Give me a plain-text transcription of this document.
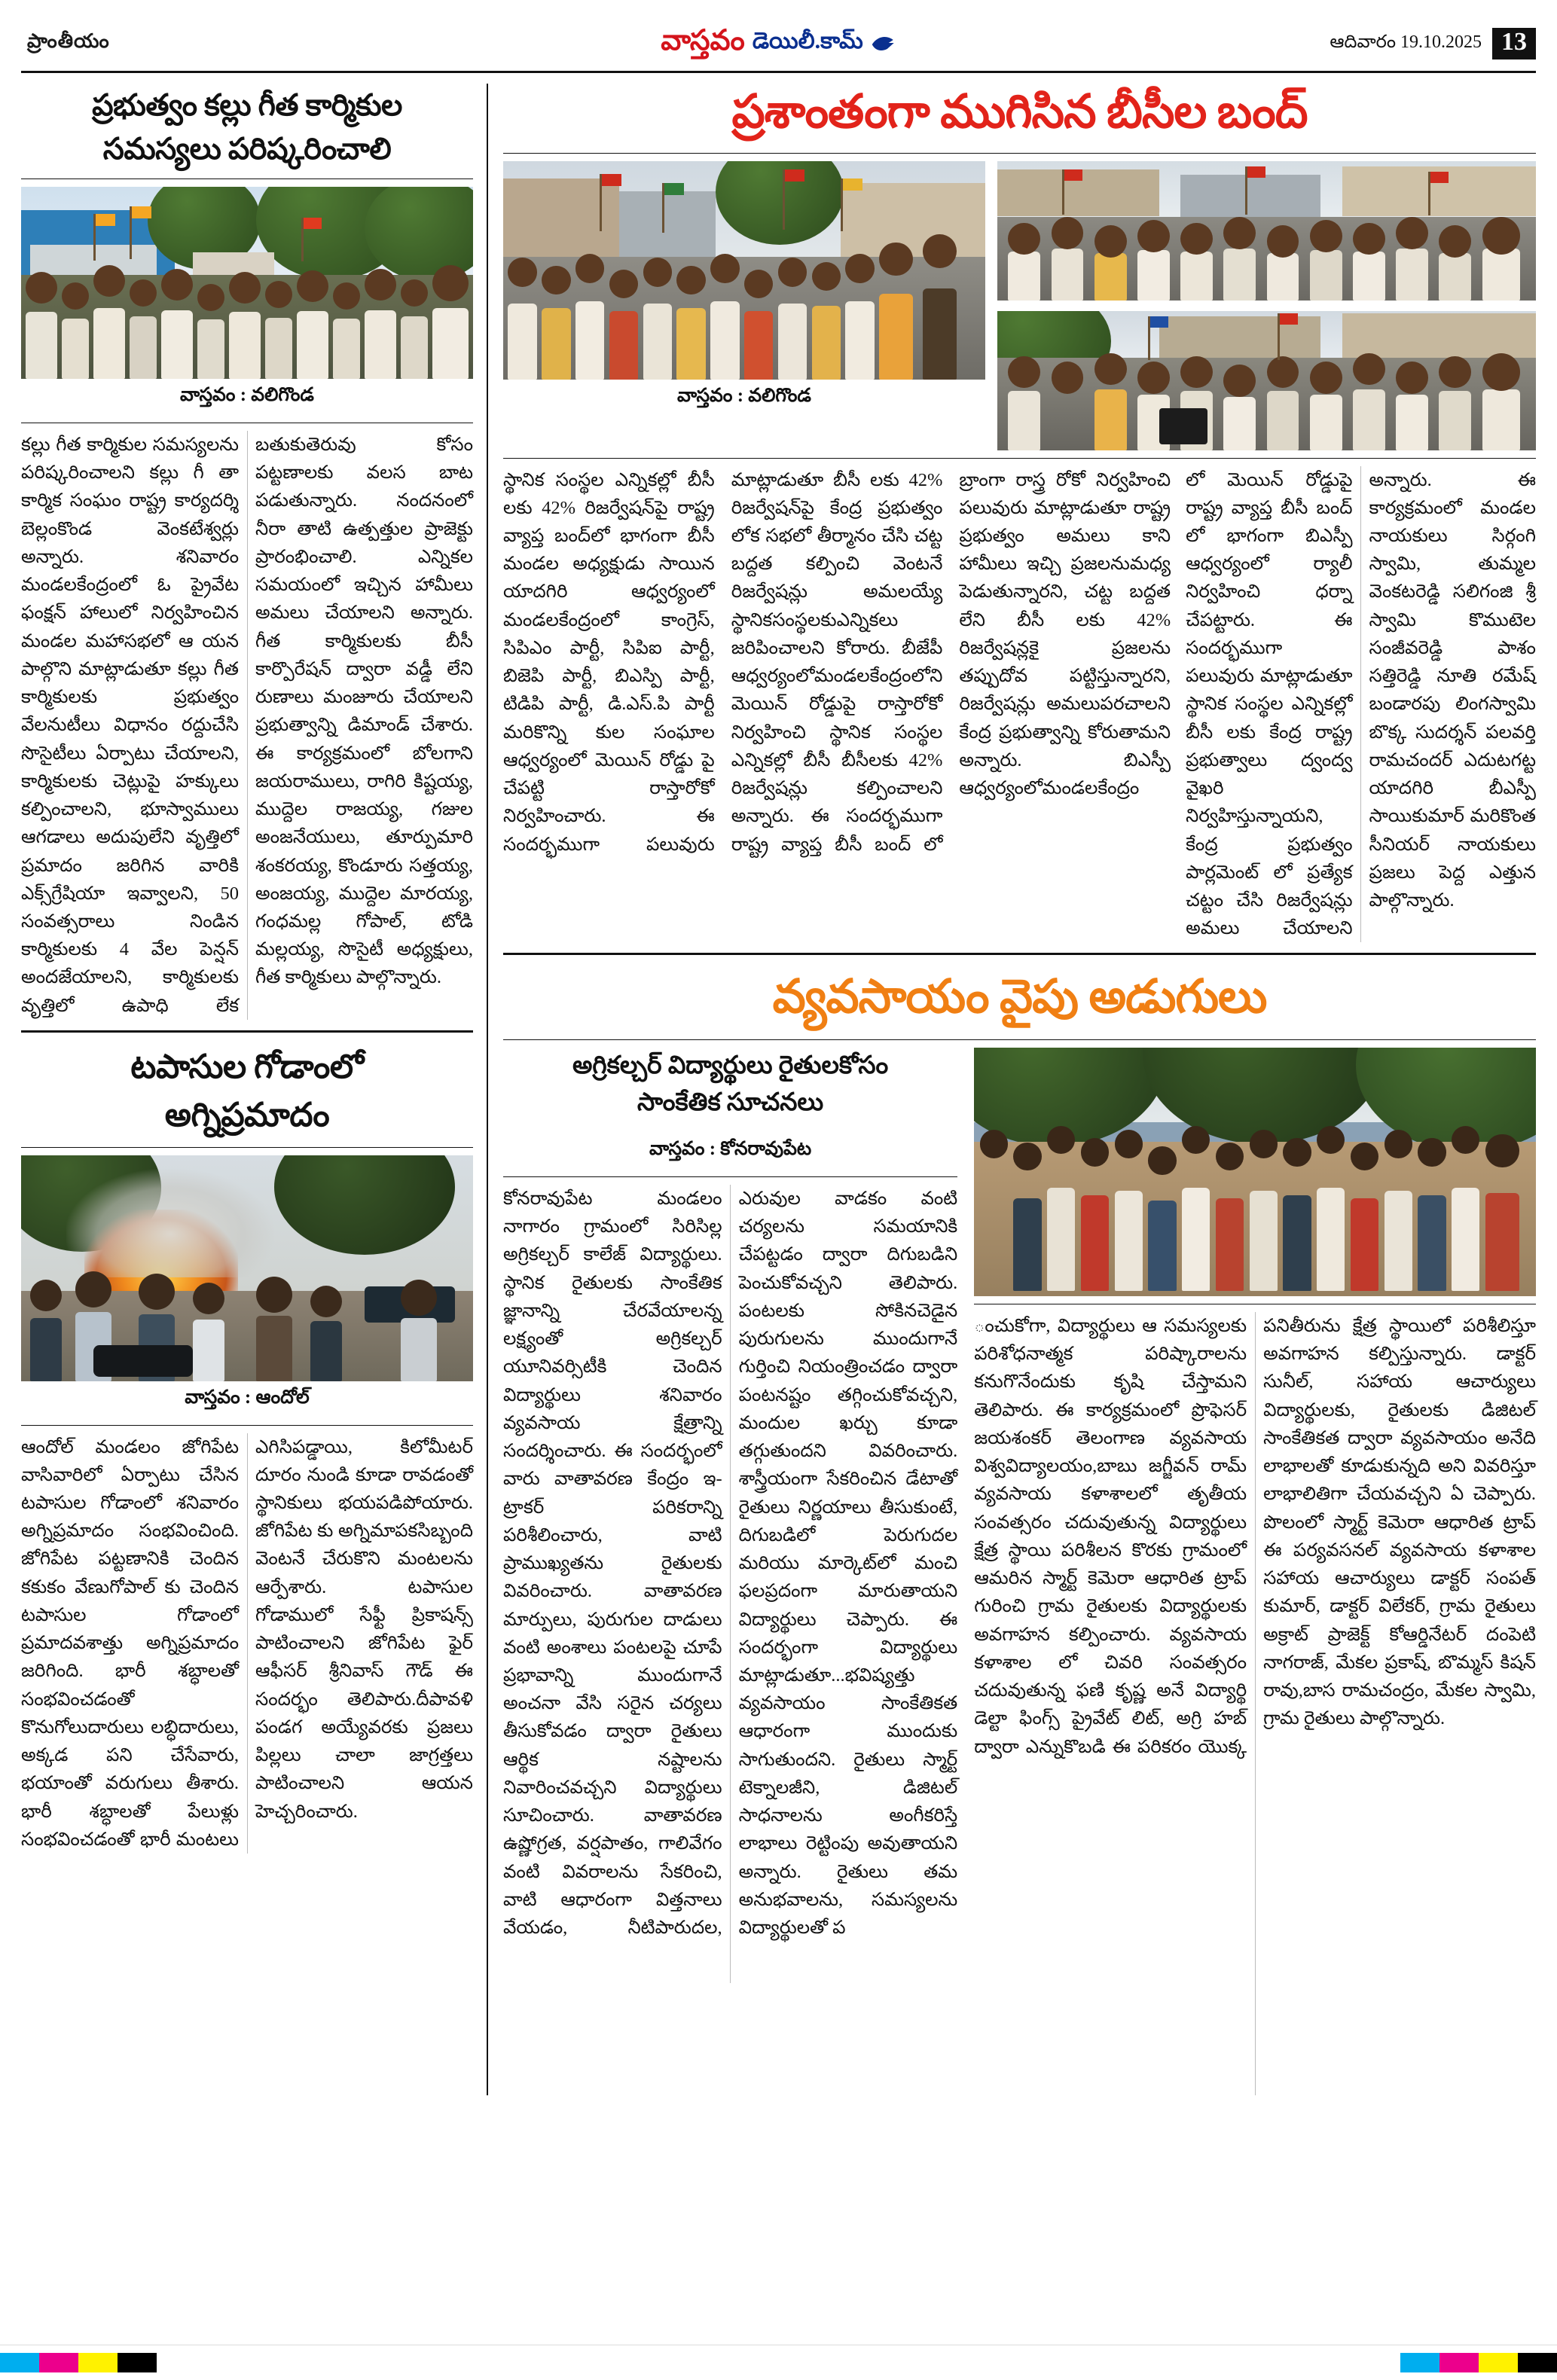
ప్రాంతీయం	వాస్తవం డెయిలీ.కామ్	ఆదివారం 19.10.2025 13
ప్రభుత్వం కల్లు గీత కార్మికుల
సమస్యలు పరిష్కరించాలి
వాస్తవం : వలిగొండ
కల్లు గీత కార్మికుల సమస్యలను పరిష్కరించాలని కల్లు గీ తా కార్మిక సంఘం రాష్ట్ర కార్యదర్శి బెల్లంకొండ వెంకటేశ్వర్లు అన్నారు. శనివారం మండలకేంద్రంలో ఓ ప్రైవేట ఫంక్షన్ హాలులో నిర్వహించిన మండల మహాసభలో ఆ యన పాల్గొని మాట్లాడుతూ కల్లు గీత కార్మికులకు ప్రభుత్వం వేలనుటీలు విధానం రద్దుచేసి సొసైటీలు ఏర్పాటు చేయాలని, కార్మికులకు చెట్లుపై హక్కులు కల్పించాలని, భూస్వాములు ఆగడాలు అదుపులేని వృత్తిలో ప్రమాదం జరిగిన వారికి ఎక్స్‌గ్రేషియా ఇవ్వాలని, 50 సంవత్సరాలు నిండిన కార్మికులకు 4 వేల పెన్షన్ అందజేయాలని, కార్మికులకు వృత్తిలో ఉపాధి లేక బతుకుతెరువు కోసం పట్టణాలకు వలస బాట పడుతున్నారు. నందనంలో నీరా తాటి ఉత్పత్తుల ప్రాజెక్టు ప్రారంభించాలి. ఎన్నికల సమయంలో ఇచ్చిన హామీలు అమలు చేయాలని అన్నారు. గీత కార్మికులకు బీసీ కార్పొరేషన్ ద్వారా వడ్డీ లేని రుణాలు మంజూరు చేయాలని ప్రభుత్వాన్ని డిమాండ్ చేశారు. ఈ కార్యక్రమంలో బోలగాని జయరాములు, రాగిరి కిష్టయ్య, ముద్దెల రాజయ్య, గజుల అంజనేయులు, తూర్పుమారి శంకరయ్య, కొండూరు సత్తయ్య, అంజయ్య, ముద్దెల మారయ్య, గంధమల్ల గోపాల్, టోడి మల్లయ్య, సొసైటీ అధ్యక్షులు, గీత కార్మికులు పాల్గొన్నారు.
టపాసుల గోడాంలో
అగ్నిప్రమాదం
వాస్తవం : ఆందోల్
ఆందోల్ మండలం జోగిపేట వాసివారిలో ఏర్పాటు చేసిన టపాసుల గోడాంలో శనివారం అగ్నిప్రమాదం సంభవించింది. జోగిపేట పట్టణానికి చెందిన కకుకం వేణుగోపాల్ కు చెందిన టపాసుల గోడాంలో ప్రమాదవశాత్తు అగ్నిప్రమాదం జరిగింది. భారీ శబ్ధాలతో సంభవించడంతో కొనుగోలుదారులు లబ్ధిదారులు, అక్కడ పని చేసేవారు, భయాంతో వరుగులు తీశారు. భారీ శబ్ధాలతో పేలుళ్లు సంభవించడంతో భారీ మంటలు ఎగిసిపడ్డాయి, కిలోమీటర్ దూరం నుండి కూడా రావడంతో స్థానికులు భయపడిపోయారు. జోగిపేట కు అగ్నిమాపకసిబ్బంది వెంటనే చేరుకొని మంటలను ఆర్పేశారు. టపాసుల గోడాములో సేఫ్టీ ప్రికాషన్స్ పాటించాలని జోగిపేట ఫైర్ ఆఫీసర్ శ్రీనివాస్ గౌడ్ ఈ సందర్భం తెలిపారు.దీపావళి పండగ అయ్యేవరకు ప్రజలు పిల్లలు చాలా జాగ్రత్తలు పాటించాలని ఆయన హెచ్చరించారు.
ప్రశాంతంగా ముగిసిన బీసీల బంద్
వాస్తవం : వలిగొండ
స్థానిక సంస్థల ఎన్నికల్లో బీసీ లకు 42% రిజర్వేషన్‌పై రాష్ట్ర వ్యాప్త బంద్‌లో భాగంగా బీసీ మండల అధ్యక్షుడు సాయిన యాదగిరి ఆధ్వర్యంలో మండలకేంద్రంలో కాంగ్రెస్, సిపిఎం పార్టీ, సిపిఐ పార్టీ, బిజెపి పార్టీ, బిఎస్పి పార్టీ, టిడిపి పార్టీ, డి.ఎస్.పి పార్టీ మరికొన్ని కుల సంఘాల ఆధ్వర్యంలో మెయిన్ రోడ్డు పై చేపట్టి రాస్తారోకో నిర్వహించారు. ఈ సందర్భముగా పలువురు మాట్లాడుతూ బీసీ లకు 42% రిజర్వేషన్‌పై కేంద్ర ప్రభుత్వం లోక సభలో తీర్మానం చేసి చట్ట బద్దత కల్పించి వెంటనే రిజర్వేషన్లు అమలయ్యే స్థానికసంస్థలకుఎన్నికలు జరిపించాలని కోరారు. బీజేపీ ఆధ్వర్యంలోమండలకేంద్రంలోని మెయిన్ రోడ్డుపై రాస్తారోకో నిర్వహించి స్థానిక సంస్థల ఎన్నికల్లో బీసీ బీసీలకు 42% రిజర్వేషన్లు కల్పించాలని అన్నారు. ఈ సందర్భముగా రాష్ట్ర వ్యాప్త బీసీ బంద్ లో బ్రాంగా రాస్త్ర రోకో నిర్వహించి పలువురు మాట్లాడుతూ రాష్ట్ర ప్రభుత్వం అమలు కాని హామీలు ఇచ్చి ప్రజలనుమధ్య పెడుతున్నారని, చట్ట బద్దత లేని బీసీ లకు 42% రిజర్వేషన్లకై ప్రజలను తప్పుదోవ పట్టిస్తున్నారని, రిజర్వేషన్లు అమలుపరచాలని కేంద్ర ప్రభుత్వాన్ని కోరుతామని అన్నారు. బిఎస్పీ ఆధ్వర్యంలోమండలకేంద్రం
లో మెయిన్ రోడ్డుపై రాష్ట్ర వ్యాప్త బీసీ బంద్ లో భాగంగా బిఎస్పీ ఆధ్వర్యంలో ర్యాలీ నిర్వహించి ధర్నా చేపట్టారు. ఈ సందర్భముగా పలువురు మాట్లాడుతూ స్థానిక సంస్థల ఎన్నికల్లో బీసీ లకు కేంద్ర రాష్ట్ర ప్రభుత్వాలు ద్వంద్వ వైఖరి నిర్వహిస్తున్నాయని, కేంద్ర ప్రభుత్వం పార్లమెంట్ లో ప్రత్యేక చట్టం చేసి రిజర్వేషన్లు అమలు చేయాలని అన్నారు. ఈ కార్యక్రమంలో మండల నాయకులు సిర్గంగి స్వామి, తుమ్మల వెంకటరెడ్డి సలిగంజి శ్రీ స్వామి కొముటెల సంజీవరెడ్డి పాశం సత్తిరెడ్డి నూతి రమేష్ బండారపు లింగస్వామి బొక్క సుదర్శన్ పలవర్తి రామచందర్ ఎదుటగట్ట యాదగిరి బీఎస్పీ సాయికుమార్ మరికొంత సీనియర్ నాయకులు ప్రజలు పెద్ద ఎత్తున పాల్గొన్నారు.
వ్యవసాయం వైపు అడుగులు
అగ్రికల్చర్ విద్యార్థులు రైతులకోసం
సాంకేతిక సూచనలు
వాస్తవం : కోనరావుపేట
కోనరావుపేట మండలం నాగారం గ్రామంలో సిరిసిల్ల అగ్రికల్చర్ కాలేజ్ విద్యార్థులు. స్థానిక రైతులకు సాంకేతిక జ్ఞానాన్ని చేరవేయాలన్న లక్ష్యంతో అగ్రికల్చర్ యూనివర్సిటీకి చెందిన విద్యార్థులు శనివారం వ్యవసాయ క్షేత్రాన్ని సందర్శించారు. ఈ సందర్భంలో వారు వాతావరణ కేంద్రం ఇ-ట్రాకర్ పరికరాన్ని పరిశీలించారు, వాటి ప్రాముఖ్యతను రైతులకు వివరించారు. వాతావరణ మార్పులు, పురుగుల దాడులు వంటి అంశాలు పంటలపై చూపే ప్రభావాన్ని ముందుగానే అంచనా వేసి సరైన చర్యలు తీసుకోవడం ద్వారా రైతులు ఆర్థిక నష్టాలను నివారించవచ్చని విద్యార్థులు సూచించారు. వాతావరణ ఉష్ణోగ్రత, వర్షపాతం, గాలివేగం వంటి వివరాలను సేకరించి, వాటి ఆధారంగా విత్తనాలు వేయడం, నీటిపారుదల, ఎరువుల వాడకం వంటి చర్యలను సమయానికి చేపట్టడం ద్వారా దిగుబడిని పెంచుకోవచ్చని తెలిపారు. పంటలకు సోకినచెడైన పురుగులను ముందుగానే గుర్తించి నియంత్రించడం ద్వారా పంటనష్టం తగ్గించుకోవచ్చని, మందుల ఖర్చు కూడా తగ్గుతుందని వివరించారు. శాస్త్రీయంగా సేకరించిన డేటాతో రైతులు నిర్ణయాలు తీసుకుంటే, దిగుబడిలో పెరుగుదల మరియు మార్కెట్‌లో మంచి ఫలప్రదంగా మారుతాయని విద్యార్థులు చెప్పారు. ఈ సందర్భంగా విద్యార్థులు మాట్లాడుతూ...భవిష్యత్తు వ్యవసాయం సాంకేతికత ఆధారంగా ముందుకు సాగుతుందని. రైతులు స్మార్ట్ టెక్నాలజీని, డిజిటల్ సాధనాలను అంగీకరిస్తే లాభాలు రెట్టింపు అవుతాయని అన్నారు. రైతులు తమ అనుభవాలను, సమస్యలను విద్యార్థులతో ప
ంచుకోగా, విద్యార్థులు ఆ సమస్యలకు పరిశోధనాత్మక పరిష్కారాలను కనుగొనేందుకు కృషి చేస్తామని తెలిపారు. ఈ కార్యక్రమంలో ప్రొఫెసర్ జయశంకర్ తెలంగాణ వ్యవసాయ విశ్వవిద్యాలయం,బాబు జగ్జీవన్ రామ్ వ్యవసాయ కళాశాలలో తృతీయ సంవత్సరం చదువుతున్న విద్యార్థులు క్షేత్ర స్థాయి పరిశీలన కొరకు గ్రామంలో ఆమరిన స్మార్ట్ కెమెరా ఆధారిత ట్రాప్ గురించి గ్రామ రైతులకు విద్యార్థులకు అవగాహన కల్పించారు. వ్యవసాయ కళాశాల లో చివరి సంవత్సరం చదువుతున్న ఫణి కృష్ణ అనే విద్యార్థి డెల్టా ఫింగ్స్ ప్రైవేట్ లిట్, అగ్రి హబ్ ద్వారా ఎన్నుకొబడి ఈ పరికరం యొక్క పనితీరును క్షేత్ర స్థాయిలో పరిశీలిస్తూ అవగాహన కల్పిస్తున్నారు. డాక్టర్ సునీల్, సహాయ ఆచార్యులు విద్యార్థులకు, రైతులకు డిజిటల్ సాంకేతికత ద్వారా వ్యవసాయం అనేది లాభాలతో కూడుకున్నది అని వివరిస్తూ లాభాలితిగా చేయవచ్చని ఏ చెప్పారు. పొలంలో స్మార్ట్ కెమెరా ఆధారిత ట్రాప్ ఈ పర్యవసనల్ వ్యవసాయ కళాశాల సహాయ ఆచార్యులు డాక్టర్ సంపత్ కుమార్, డాక్టర్ విలేకర్, గ్రామ రైతులు అక్రాట్ ప్రాజెక్ట్ కోఆర్డినేటర్ దంపెటి నాగరాజ్, మేకల ప్రకాష్, బొమ్మస్ కిషన్ రావు,బాస రామచంద్రం, మేకల స్వామి, గ్రామ రైతులు పాల్గొన్నారు.
